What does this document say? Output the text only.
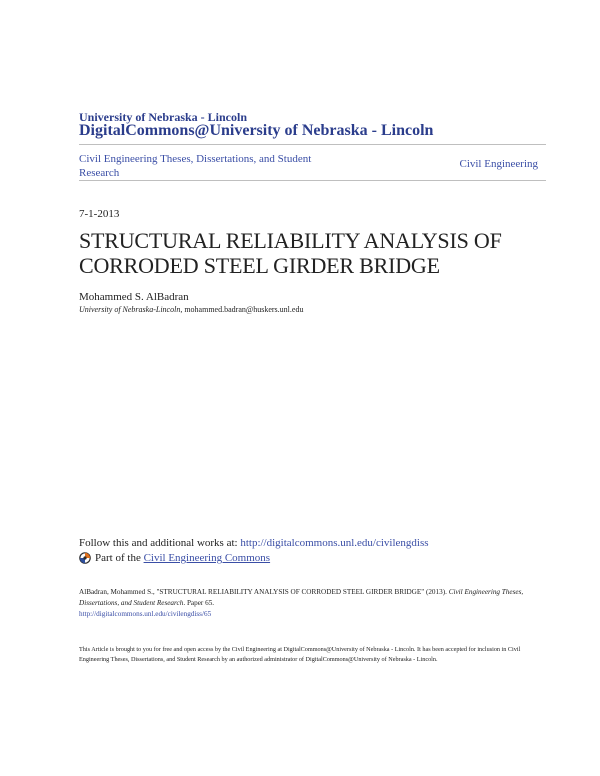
University of Nebraska - Lincoln
DigitalCommons@University of Nebraska - Lincoln
Civil Engineering Theses, Dissertations, and Student Research
Civil Engineering
7-1-2013
STRUCTURAL RELIABILITY ANALYSIS OF CORRODED STEEL GIRDER BRIDGE
Mohammed S. AlBadran
University of Nebraska-Lincoln, mohammed.badran@huskers.unl.edu
Follow this and additional works at: http://digitalcommons.unl.edu/civilengdiss
Part of the
Civil Engineering Commons
AlBadran, Mohammed S., "STRUCTURAL RELIABILITY ANALYSIS OF CORRODED STEEL GIRDER BRIDGE" (2013). Civil Engineering Theses, Dissertations, and Student Research. Paper 65.
http://digitalcommons.unl.edu/civilengdiss/65
This Article is brought to you for free and open access by the Civil Engineering at DigitalCommons@University of Nebraska - Lincoln. It has been accepted for inclusion in Civil Engineering Theses, Dissertations, and Student Research by an authorized administrator of DigitalCommons@University of Nebraska - Lincoln.
